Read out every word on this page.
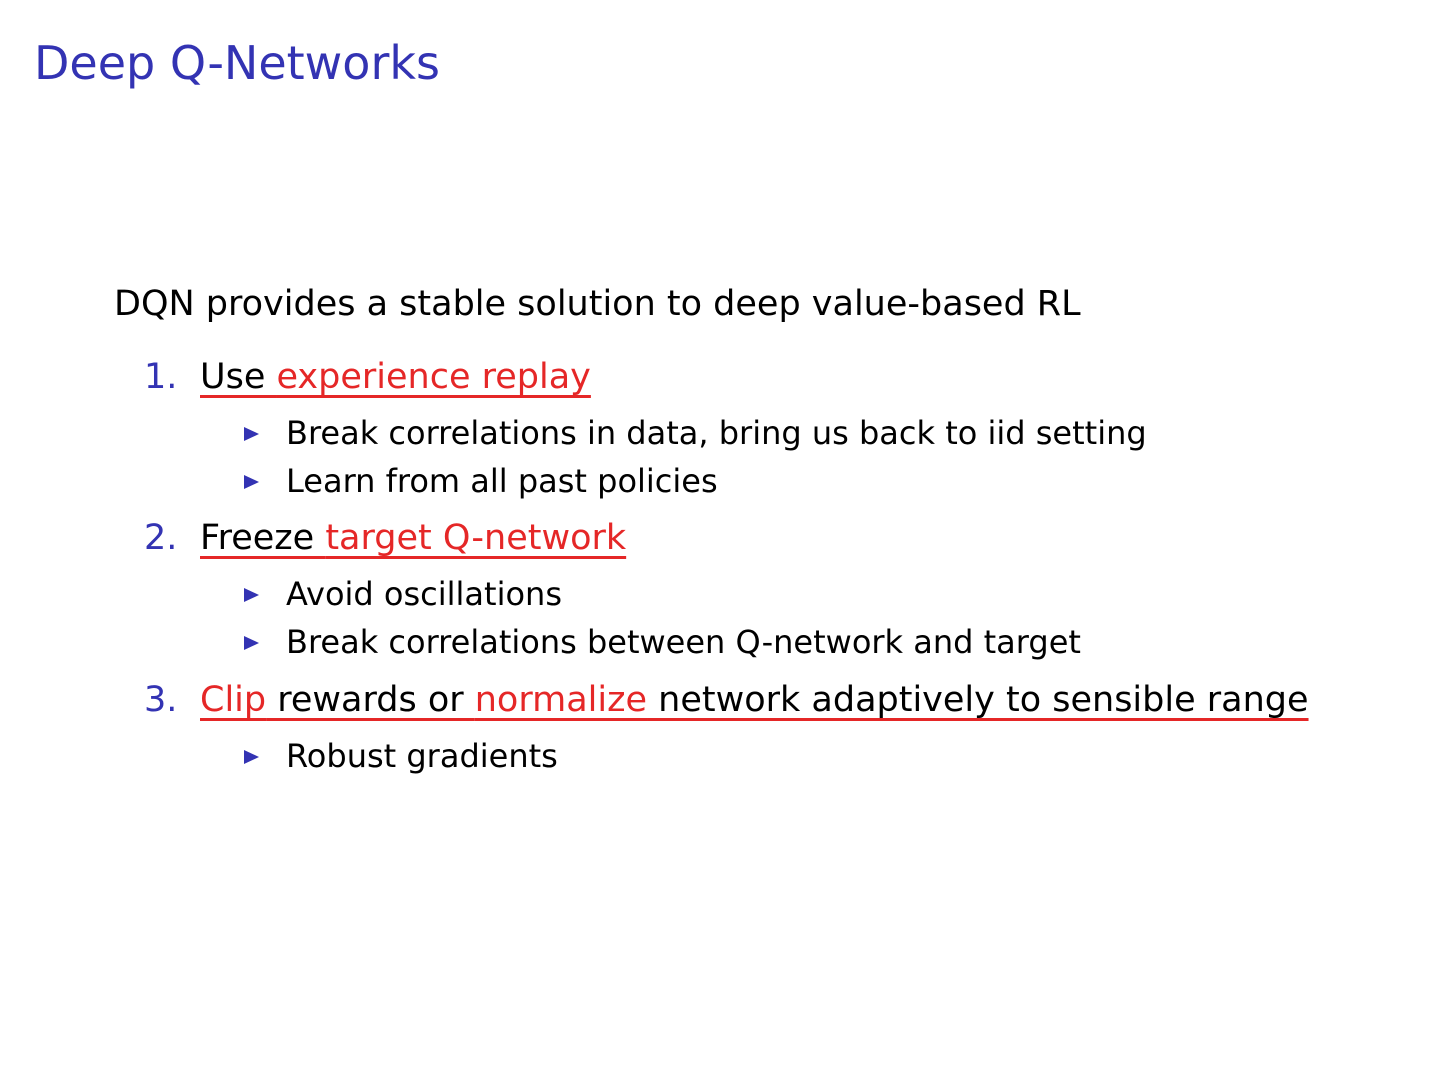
Deep Q-Networks

DQN provides a stable solution to deep value-based RL

1. Use experience replay

Break correlations in data, bring us back to iid setting

Learn from all past policies

2. Freeze target Q-network

Avoid oscillations

Break correlations between Q-network and target

3. Clip rewards or normalize network adaptively to sensible range

Robust gradients
